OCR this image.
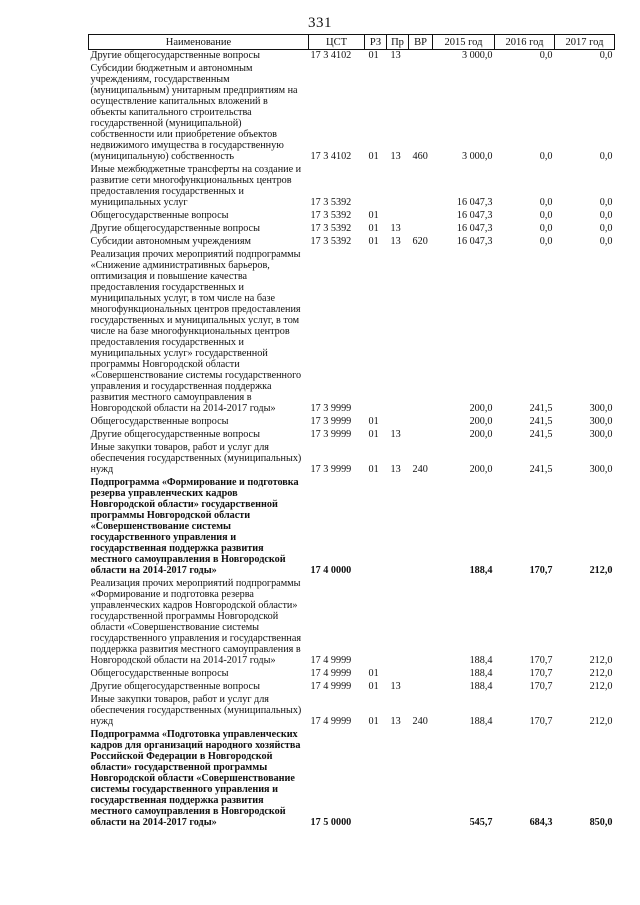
331
Наименование	ЦСТ	РЗ	Пр	ВР	2015 год	2016 год	2017 год
Другие общегосударственные вопросы	17 3 4102	01	13		3 000,0	0,0	0,0
Субсидии бюджетным и автономным учреждениям, государственным (муниципальным) унитарным предприятиям на осуществление капитальных вложений в объекты капитального строительства государственной (муниципальной) собственности или приобретение объектов недвижимого имущества в государственную (муниципальную) собственность	17 3 4102	01	13	460	3 000,0	0,0	0,0
Иные межбюджетные трансферты на создание и развитие сети многофункциональных центров предоставления государственных и муниципальных услуг	17 3 5392				16 047,3	0,0	0,0
Общегосударственные вопросы	17 3 5392	01			16 047,3	0,0	0,0
Другие общегосударственные вопросы	17 3 5392	01	13		16 047,3	0,0	0,0
Субсидии автономным учреждениям	17 3 5392	01	13	620	16 047,3	0,0	0,0
Реализация прочих мероприятий подпрограммы «Снижение административных барьеров, оптимизация и повышение качества предоставления государственных и муниципальных услуг, в том числе на базе многофункциональных центров предоставления государственных и муниципальных услуг, в том числе на базе многофункциональных центров предоставления государственных и муниципальных услуг» государственной программы Новгородской области «Совершенствование системы государственного управления и государственная поддержка развития местного самоуправления в Новгородской области на 2014-2017 годы»	17 3 9999				200,0	241,5	300,0
Общегосударственные вопросы	17 3 9999	01			200,0	241,5	300,0
Другие общегосударственные вопросы	17 3 9999	01	13		200,0	241,5	300,0
Иные закупки товаров, работ и услуг для обеспечения государственных (муниципальных) нужд	17 3 9999	01	13	240	200,0	241,5	300,0
Подпрограмма «Формирование и подготовка резерва управленческих кадров Новгородской области» государственной программы Новгородской области «Совершенствование системы государственного управления и государственная поддержка развития местного самоуправления в Новгородской области на 2014-2017 годы»	17 4 0000				188,4	170,7	212,0
Реализация прочих мероприятий подпрограммы «Формирование и подготовка резерва управленческих кадров Новгородской области» государственной программы Новгородской области «Совершенствование системы государственного управления и государственная поддержка развития местного самоуправления в Новгородской области на 2014-2017 годы»	17 4 9999				188,4	170,7	212,0
Общегосударственные вопросы	17 4 9999	01			188,4	170,7	212,0
Другие общегосударственные вопросы	17 4 9999	01	13		188,4	170,7	212,0
Иные закупки товаров, работ и услуг для обеспечения государственных (муниципальных) нужд	17 4 9999	01	13	240	188,4	170,7	212,0
Подпрограмма «Подготовка управленческих кадров для организаций народного хозяйства Российской Федерации в Новгородской области» государственной программы Новгородской области «Совершенствование системы государственного управления и государственная поддержка развития местного самоуправления в Новгородской области на 2014-2017 годы»	17 5 0000				545,7	684,3	850,0
